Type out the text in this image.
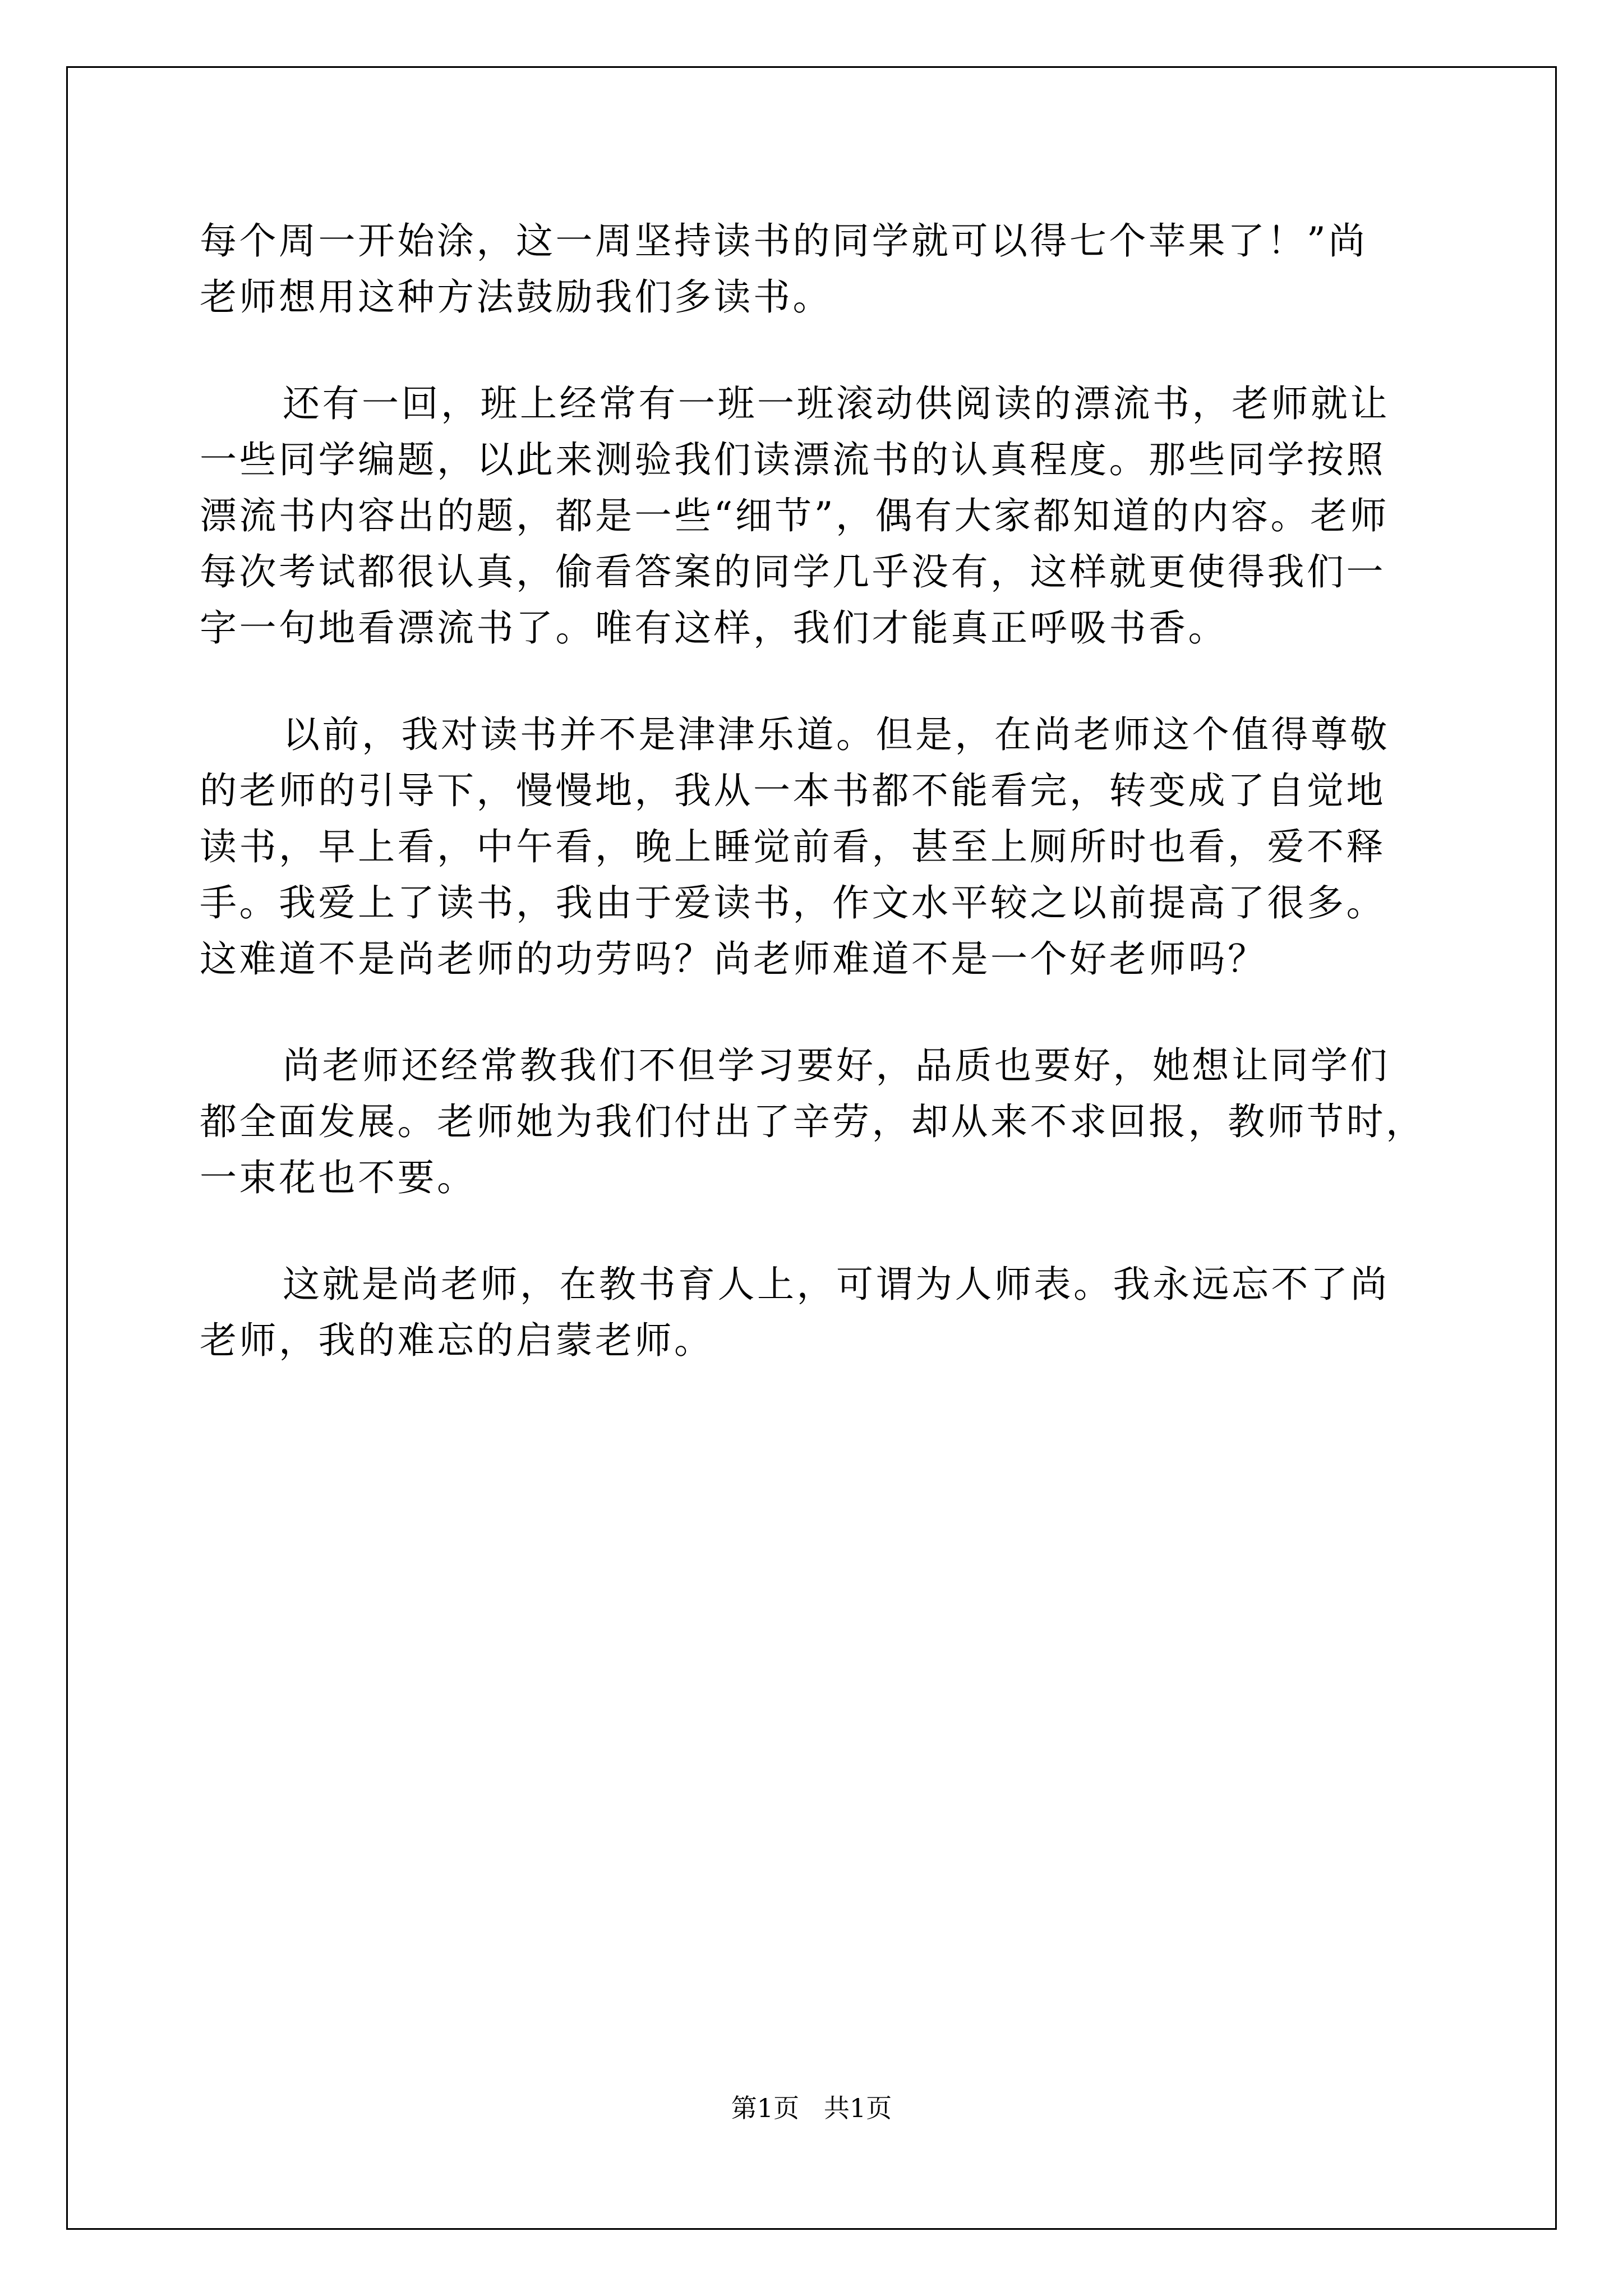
每个周一开始涂，这一周坚持读书的同学就可以得七个苹果了！”尚
老师想用这种方法鼓励我们多读书。
还有一回，班上经常有一班一班滚动供阅读的漂流书，老师就让
一些同学编题，以此来测验我们读漂流书的认真程度。那些同学按照
漂流书内容出的题，都是一些“细节”，偶有大家都知道的内容。老师
每次考试都很认真，偷看答案的同学几乎没有，这样就更使得我们一
字一句地看漂流书了。唯有这样，我们才能真正呼吸书香。
以前，我对读书并不是津津乐道。但是，在尚老师这个值得尊敬
的老师的引导下，慢慢地，我从一本书都不能看完，转变成了自觉地
读书，早上看，中午看，晚上睡觉前看，甚至上厕所时也看，爱不释
手。我爱上了读书，我由于爱读书，作文水平较之以前提高了很多。
这难道不是尚老师的功劳吗？尚老师难道不是一个好老师吗？
尚老师还经常教我们不但学习要好，品质也要好，她想让同学们
都全面发展。老师她为我们付出了辛劳，却从来不求回报，教师节时，
一束花也不要。
这就是尚老师，在教书育人上，可谓为人师表。我永远忘不了尚
老师，我的难忘的启蒙老师。
第1页   共1页
